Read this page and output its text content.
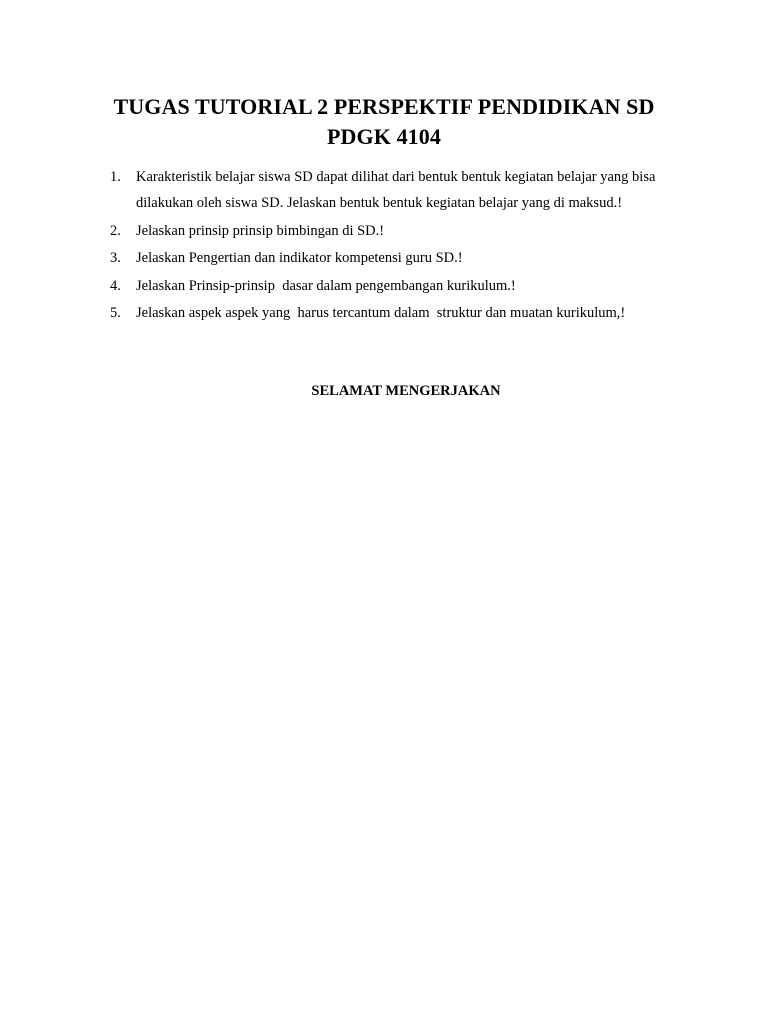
TUGAS TUTORIAL 2 PERSPEKTIF PENDIDIKAN SD
PDGK 4104
1.	Karakteristik belajar siswa SD dapat dilihat dari bentuk bentuk kegiatan belajar yang bisa dilakukan oleh siswa SD. Jelaskan bentuk bentuk kegiatan belajar yang di maksud.!
2.	Jelaskan prinsip prinsip bimbingan di SD.!
3.	Jelaskan Pengertian dan indikator kompetensi guru SD.!
4.	Jelaskan Prinsip-prinsip  dasar dalam pengembangan kurikulum.!
5.	Jelaskan aspek aspek yang  harus tercantum dalam  struktur dan muatan kurikulum,!

SELAMAT MENGERJAKAN
